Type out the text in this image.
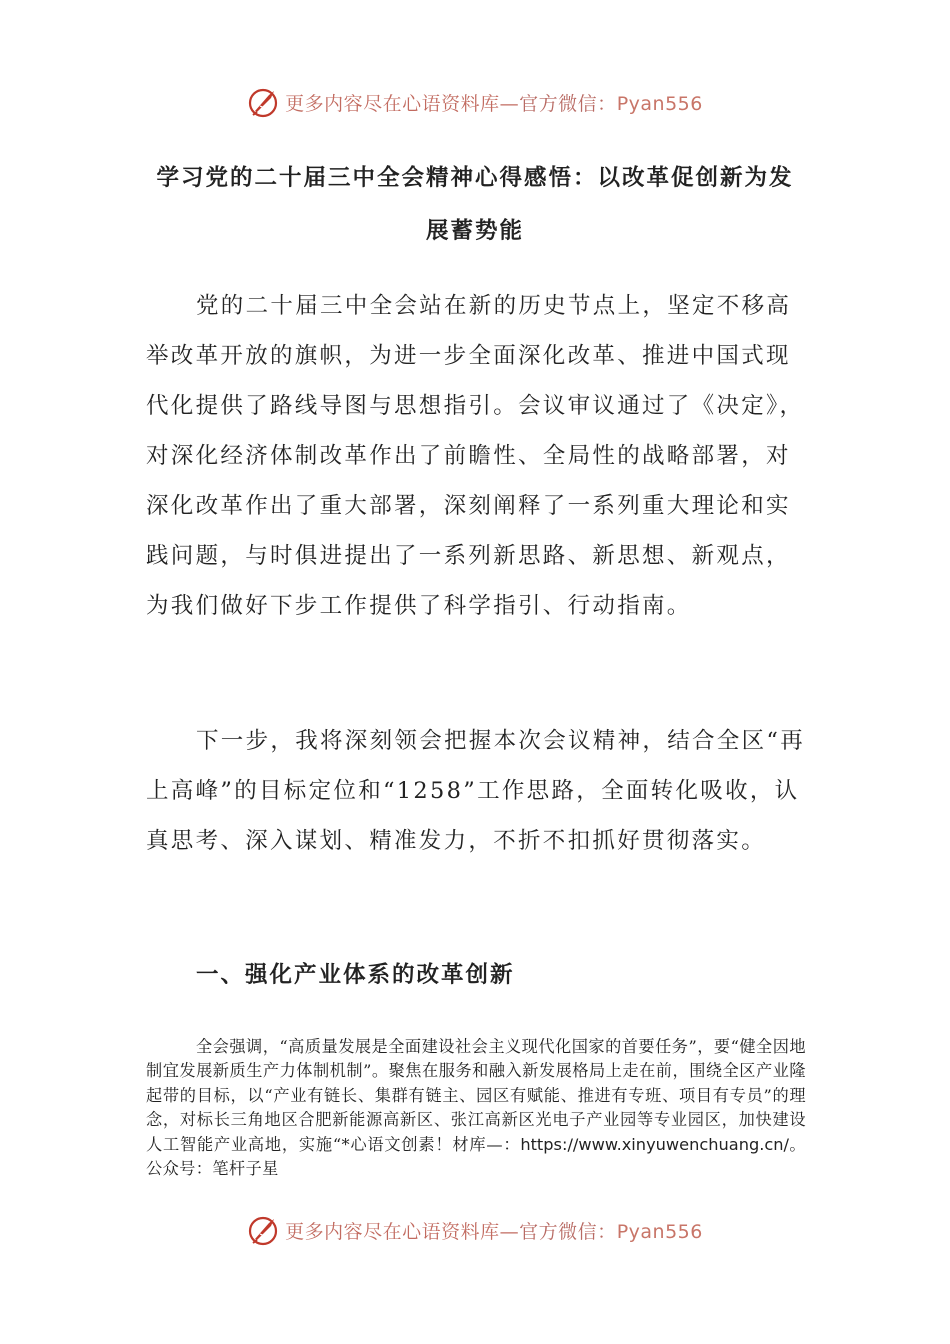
更多内容尽在心语资料库—官方微信：Pyan556
学习党的二十届三中全会精神心得感悟：以改革促创新为发展蓄势能

党的二十届三中全会站在新的历史节点上，坚定不移高举改革开放的旗帜，为进一步全面深化改革、推进中国式现代化提供了路线导图与思想指引。会议审议通过了《决定》，对深化经济体制改革作出了前瞻性、全局性的战略部署，对深化改革作出了重大部署，深刻阐释了一系列重大理论和实践问题，与时俱进提出了一系列新思路、新思想、新观点，为我们做好下步工作提供了科学指引、行动指南。

下一步，我将深刻领会把握本次会议精神，结合全区“再上高峰”的目标定位和“1258”工作思路，全面转化吸收，认真思考、深入谋划、精准发力，不折不扣抓好贯彻落实。

一、强化产业体系的改革创新

全会强调，“高质量发展是全面建设社会主义现代化国家的首要任务”，要“健全因地制宜发展新质生产力体制机制”。聚焦在服务和融入新发展格局上走在前，围绕全区产业隆起带的目标，以“产业有链长、集群有链主、园区有赋能、推进有专班、项目有专员”的理念，对标长三角地区合肥新能源高新区、张江高新区光电子产业园等专业园区，加快建设人工智能产业高地，实施“*心语文创素！材库—：https://www.xinyuwenchuang.cn/。公众号：笔杆子星

更多内容尽在心语资料库—官方微信：Pyan556
